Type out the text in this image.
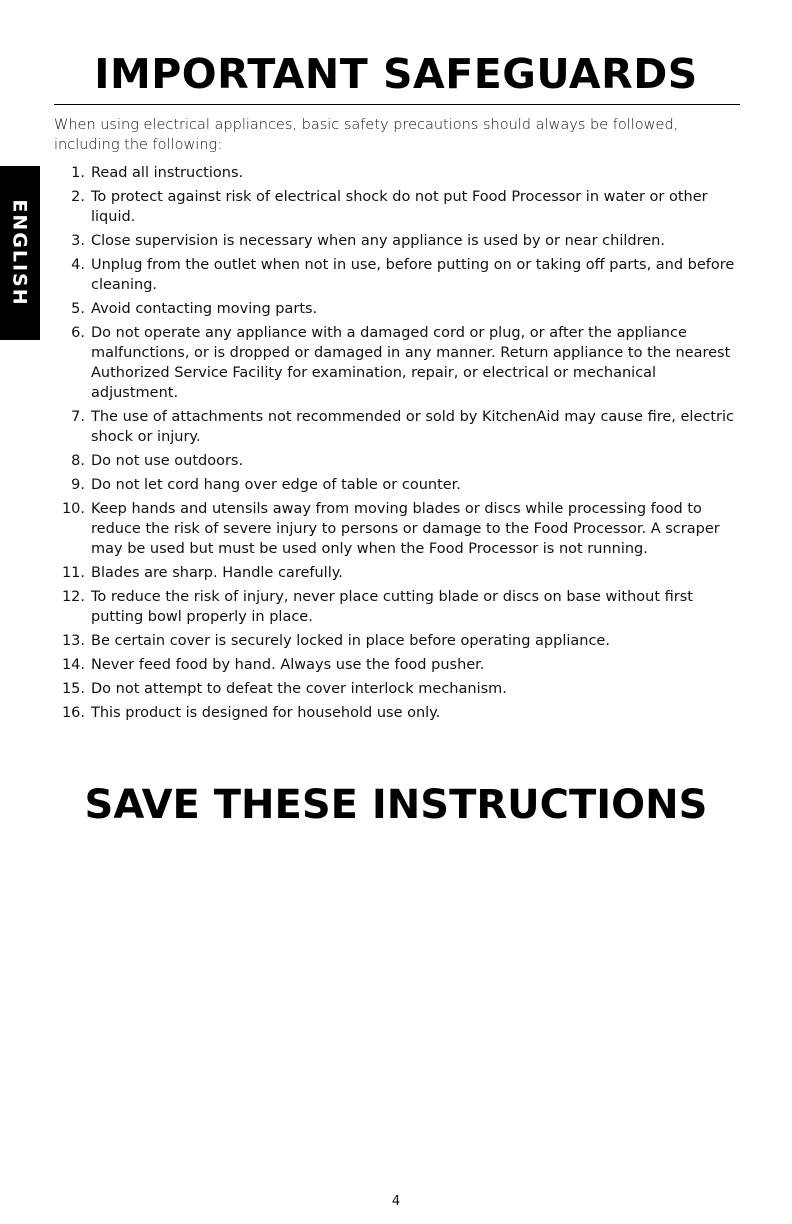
ENGLISH
IMPORTANT SAFEGUARDS

When using electrical appliances, basic safety precautions should always be followed, including the following:

1. Read all instructions.
2. To protect against risk of electrical shock do not put Food Processor in water or other liquid.
3. Close supervision is necessary when any appliance is used by or near children.
4. Unplug from the outlet when not in use, before putting on or taking off parts, and before cleaning.
5. Avoid contacting moving parts.
6. Do not operate any appliance with a damaged cord or plug, or after the appliance malfunctions, or is dropped or damaged in any manner. Return appliance to the nearest Authorized Service Facility for examination, repair, or electrical or mechanical adjustment.
7. The use of attachments not recommended or sold by KitchenAid may cause fire, electric shock or injury.
8. Do not use outdoors.
9. Do not let cord hang over edge of table or counter.
10. Keep hands and utensils away from moving blades or discs while processing food to reduce the risk of severe injury to persons or damage to the Food Processor. A scraper may be used but must be used only when the Food Processor is not running.
11. Blades are sharp. Handle carefully.
12. To reduce the risk of injury, never place cutting blade or discs on base without first putting bowl properly in place.
13. Be certain cover is securely locked in place before operating appliance.
14. Never feed food by hand. Always use the food pusher.
15. Do not attempt to defeat the cover interlock mechanism.
16. This product is designed for household use only.
SAVE THESE INSTRUCTIONS
4
